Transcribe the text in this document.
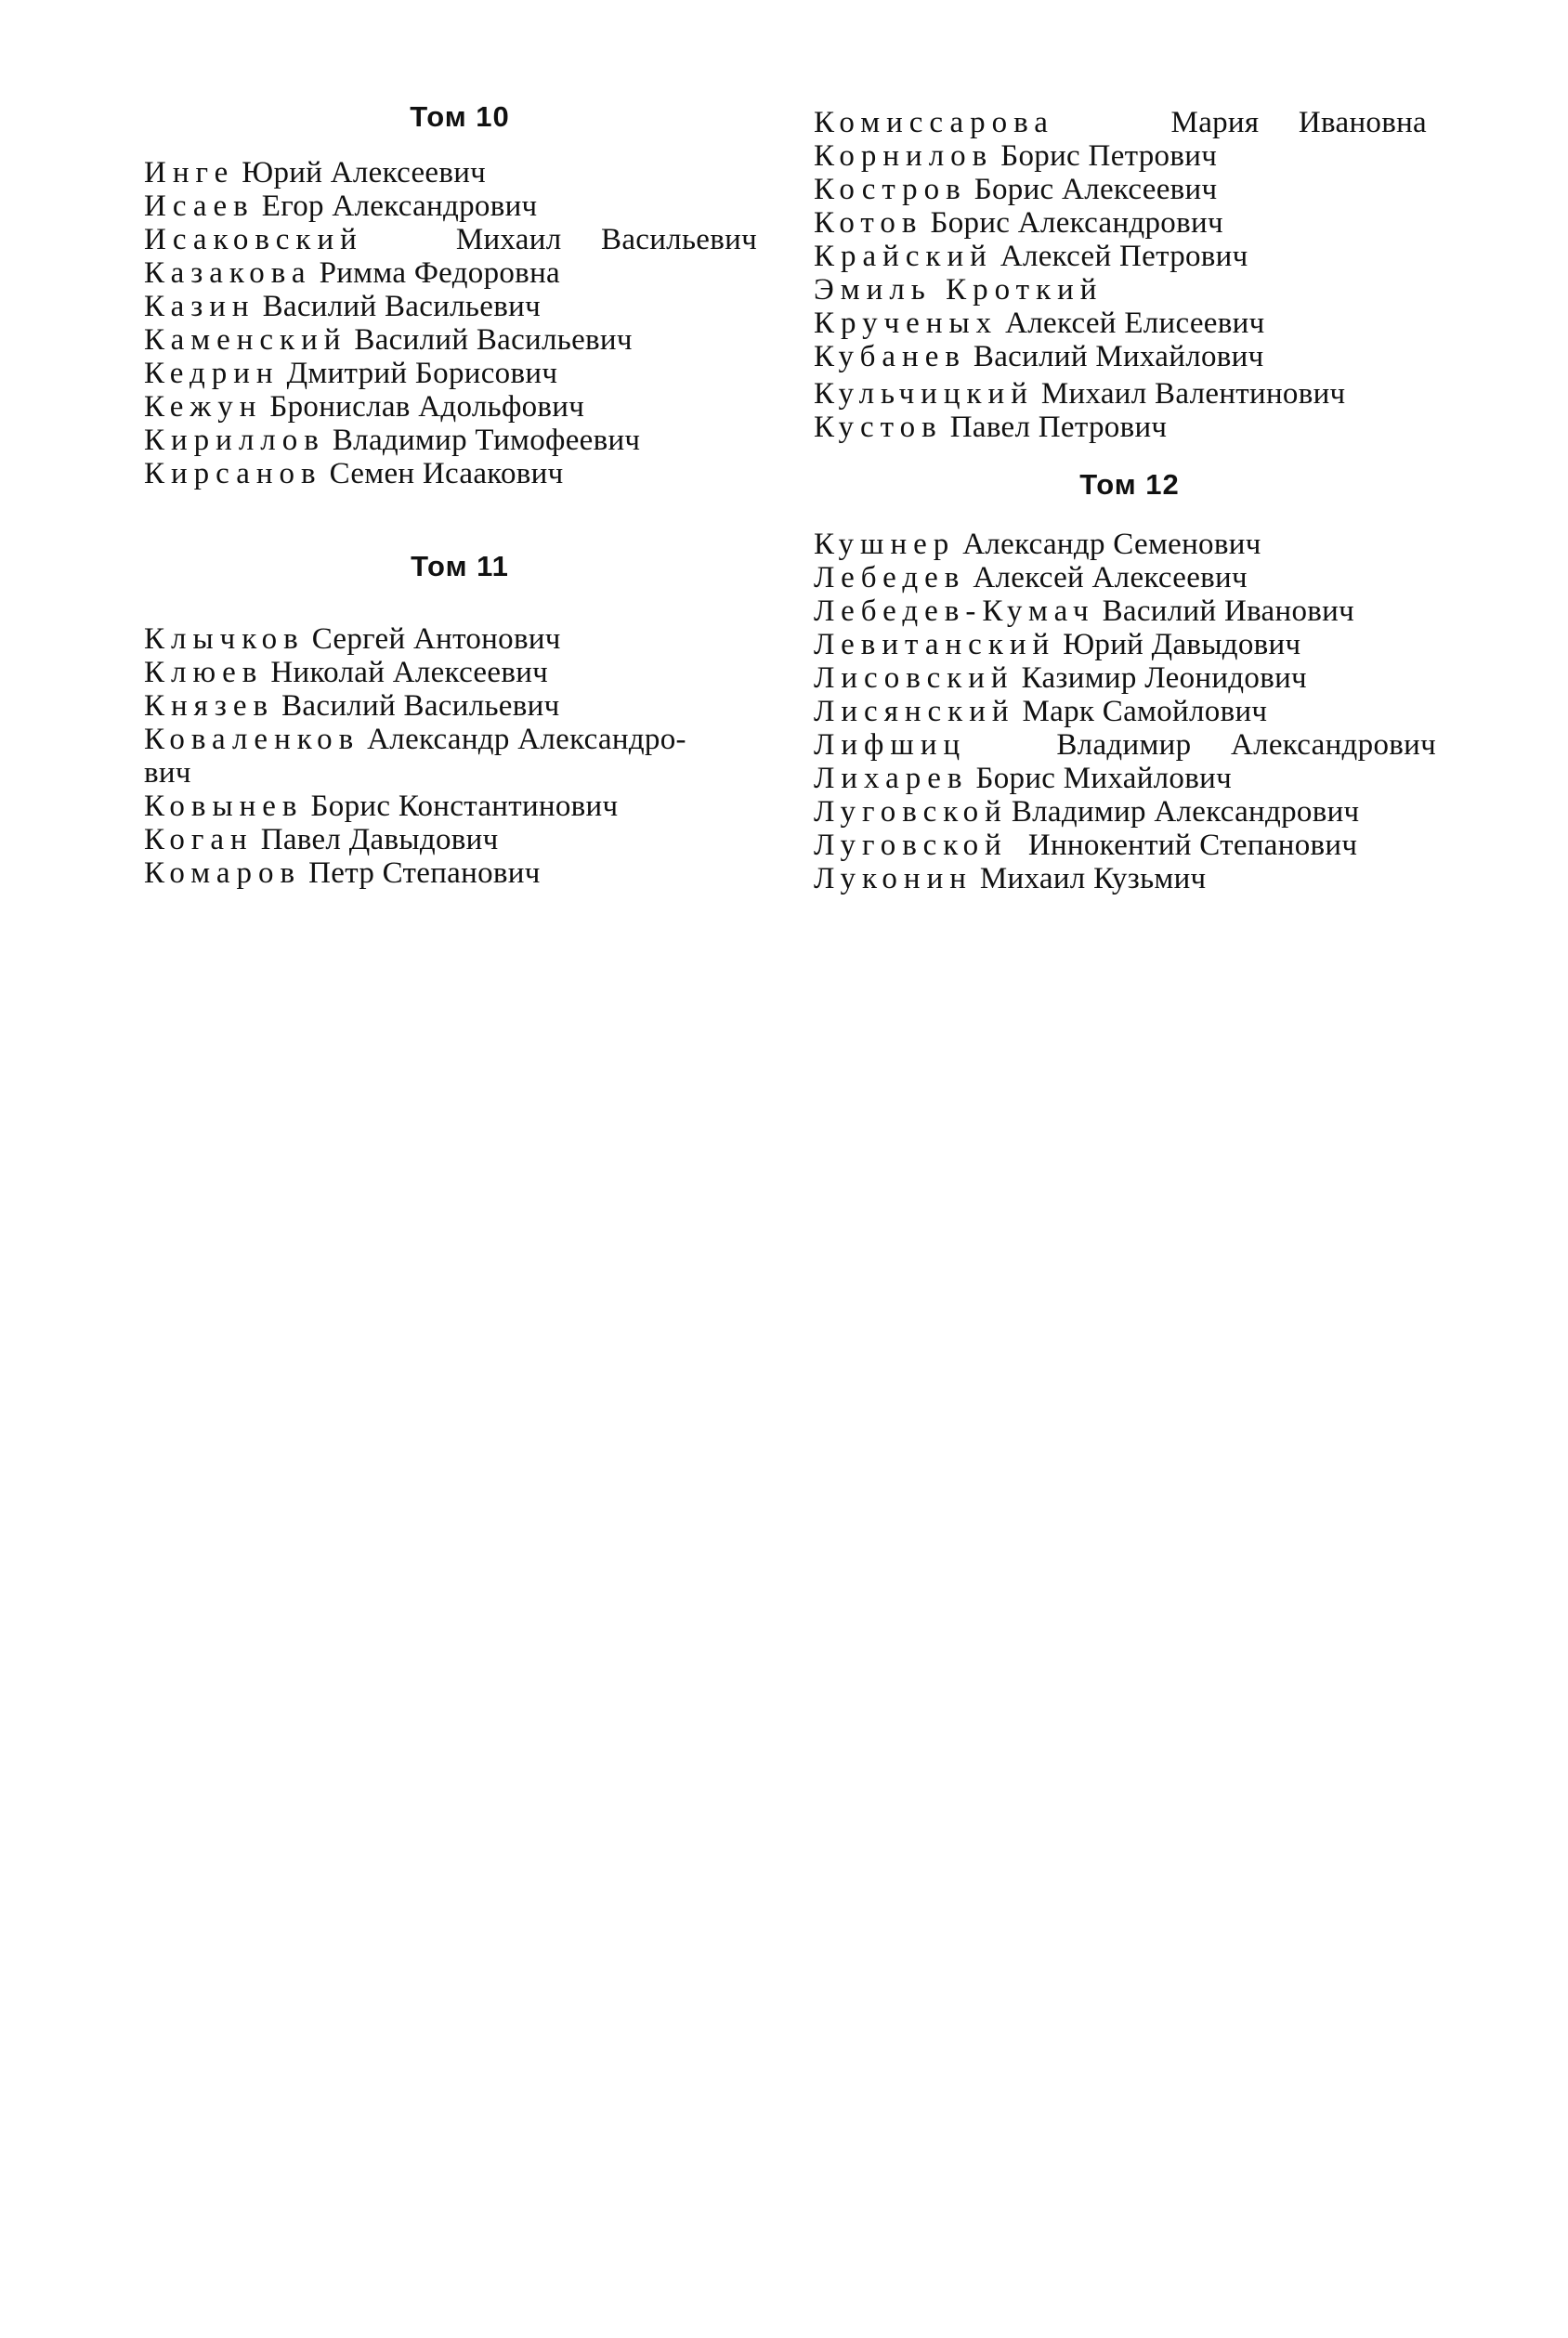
Том 10
Инге Юрий Алексеевич
Исаев Егор Александрович
Исаковский	Михаил Васильевич
Казакова Римма Федоровна
Казин Василий Васильевич
Каменский Василий Васильевич
Кедрин Дмитрий Борисович
Кежун Бронислав Адольфович
Кириллов Владимир Тимофеевич
Кирсанов Семен Исаакович
Том 11
Клычков Сергей Антонович
Клюев Николай Алексеевич
Князев Василий Васильевич
Коваленков Александр Александро-
вич
Ковынев Борис Константинович
Коган Павел Давыдович
Комаров Петр Степанович
Комиссарова	Мария Ивановна
Корнилов Борис Петрович
Костров Борис Алексеевич
Котов Борис Александрович
Крайский Алексей Петрович
Эмиль Кроткий
Крученых Алексей Елисеевич
Кубанев Василий Михайлович
Кульчицкий Михаил Валентинович
Кустов Павел Петрович
Том 12
Кушнер Александр Семенович
Лебедев Алексей Алексеевич
Лебедев-Кумач Василий Иванович
Левитанский Юрий Давыдович
Лисовский Казимир Леонидович
Лисянский Марк Самойлович
Лифшиц	Владимир Александрович
Лихарев Борис Михайлович
Луговской Владимир Александрович
Луговской Иннокентий Степанович
Луконин Михаил Кузьмич
